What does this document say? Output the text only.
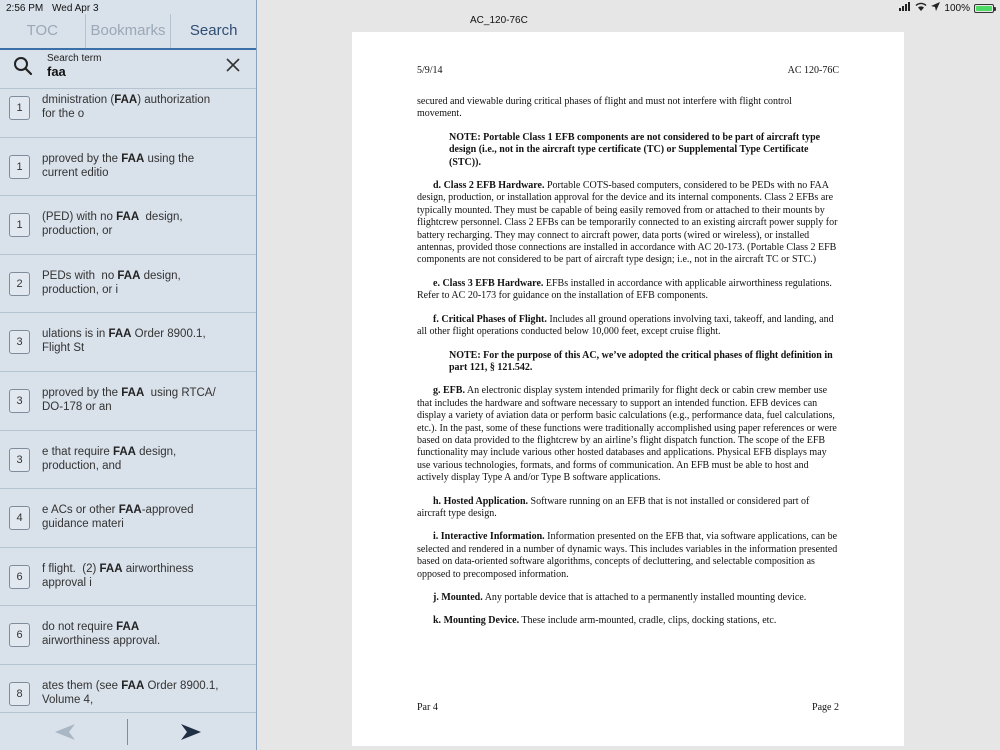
TOC	Bookmarks	Search
Search term
faa
1
dministration (FAA) authorization
for the o
1
pproved by the FAA using the
current editio
1
(PED) with no FAA  design,
production, or
2
PEDs with  no FAA design,
production, or i
3
ulations is in FAA Order 8900.1,
Flight St
3
pproved by the FAA  using RTCA/
DO-178 or an
3
e that require FAA design,
production, and
4
e ACs or other FAA-approved
guidance materi
6
f flight.  (2) FAA airworthiness
approval i
6
do not require FAA
airworthiness approval.
8
ates them (see FAA Order 8900.1,
Volume 4,
2:56 PM Wed Apr 3	100%
AC_120-76C
5/9/14	AC 120-76C
secured and viewable during critical phases of flight and must not interfere with flight control movement.
NOTE: Portable Class 1 EFB components are not considered to be part of aircraft type design (i.e., not in the aircraft type certificate (TC) or Supplemental Type Certificate (STC)).
d. Class 2 EFB Hardware. Portable COTS-based computers, considered to be PEDs with no FAA design, production, or installation approval for the device and its internal components. Class 2 EFBs are typically mounted. They must be capable of being easily removed from or attached to their mounts by flightcrew personnel. Class 2 EFBs can be temporarily connected to an existing aircraft power supply for battery recharging. They may connect to aircraft power, data ports (wired or wireless), or installed antennas, provided those connections are installed in accordance with AC 20-173. (Portable Class 2 EFB components are not considered to be part of aircraft type design; i.e., not in the aircraft TC or STC.)
e. Class 3 EFB Hardware. EFBs installed in accordance with applicable airworthiness regulations. Refer to AC 20-173 for guidance on the installation of EFB components.
f. Critical Phases of Flight. Includes all ground operations involving taxi, takeoff, and landing, and all other flight operations conducted below 10,000 feet, except cruise flight.
NOTE: For the purpose of this AC, we’ve adopted the critical phases of flight definition in part 121, § 121.542.
g. EFB. An electronic display system intended primarily for flight deck or cabin crew member use that includes the hardware and software necessary to support an intended function. EFB devices can display a variety of aviation data or perform basic calculations (e.g., performance data, fuel calculations, etc.). In the past, some of these functions were traditionally accomplished using paper references or were based on data provided to the flightcrew by an airline’s flight dispatch function. The scope of the EFB functionality may include various other hosted databases and applications. Physical EFB displays may use various technologies, formats, and forms of communication. An EFB must be able to host and actively display Type A and/or Type B software applications.
h. Hosted Application. Software running on an EFB that is not installed or considered part of aircraft type design.
i. Interactive Information. Information presented on the EFB that, via software applications, can be selected and rendered in a number of dynamic ways. This includes variables in the information presented based on data-oriented software algorithms, concepts of decluttering, and selectable composition as opposed to precomposed information.
j. Mounted. Any portable device that is attached to a permanently installed mounting device.
k. Mounting Device. These include arm-mounted, cradle, clips, docking stations, etc.
Par 4	Page 2
